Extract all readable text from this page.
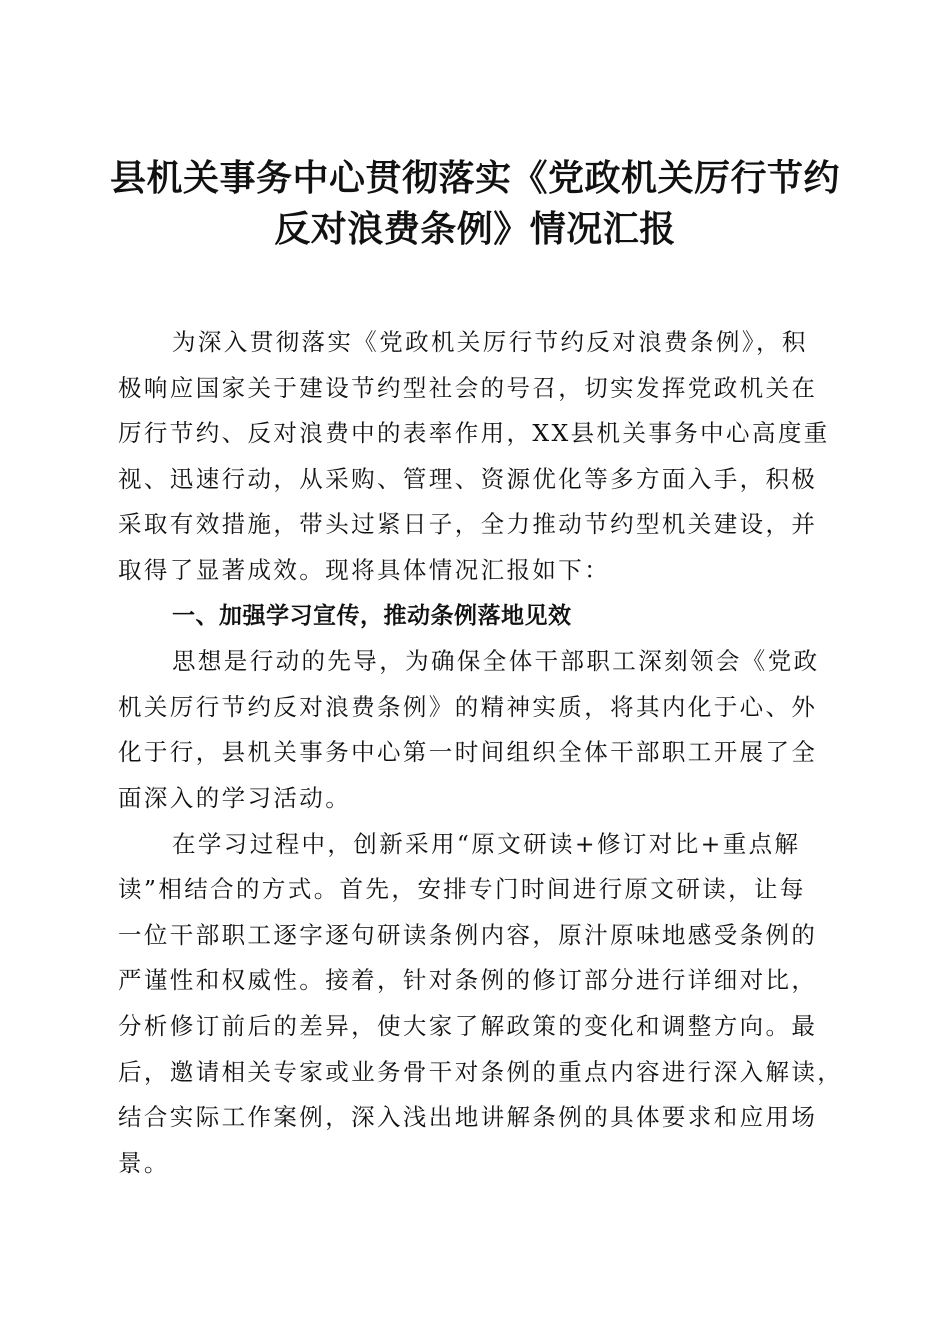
县机关事务中心贯彻落实《党政机关厉行节约
反对浪费条例》情况汇报

为深入贯彻落实《党政机关厉行节约反对浪费条例》，积
极响应国家关于建设节约型社会的号召，切实发挥党政机关在
厉行节约、反对浪费中的表率作用，XX县机关事务中心高度重
视、迅速行动，从采购、管理、资源优化等多方面入手，积极
采取有效措施，带头过紧日子，全力推动节约型机关建设，并
取得了显著成效。现将具体情况汇报如下：

一、加强学习宣传，推动条例落地见效

思想是行动的先导，为确保全体干部职工深刻领会《党政
机关厉行节约反对浪费条例》的精神实质，将其内化于心、外
化于行，县机关事务中心第一时间组织全体干部职工开展了全
面深入的学习活动。

在学习过程中，创新采用“原文研读+修订对比+重点解
读”相结合的方式。首先，安排专门时间进行原文研读，让每
一位干部职工逐字逐句研读条例内容，原汁原味地感受条例的
严谨性和权威性。接着，针对条例的修订部分进行详细对比，
分析修订前后的差异，使大家了解政策的变化和调整方向。最
后，邀请相关专家或业务骨干对条例的重点内容进行深入解读，
结合实际工作案例，深入浅出地讲解条例的具体要求和应用场
景。
